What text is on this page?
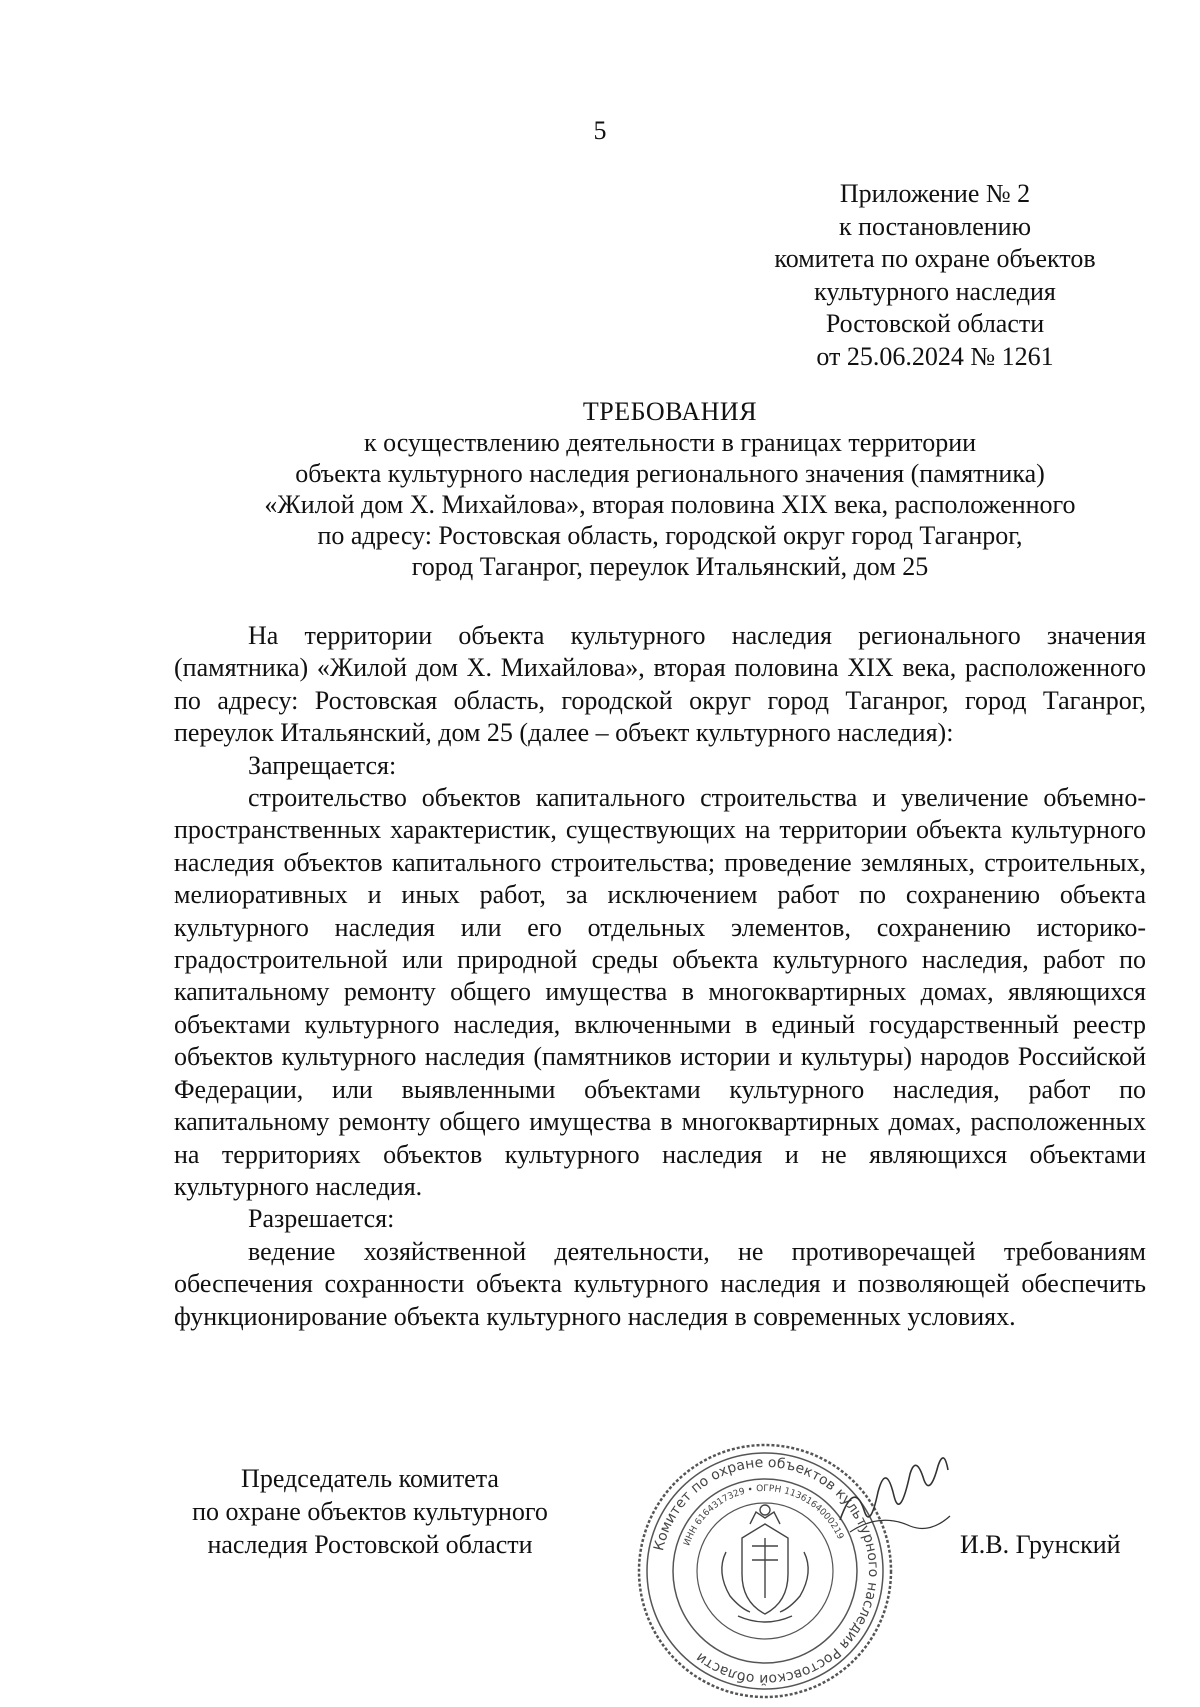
5
Приложение № 2
к постановлению
комитета по охране объектов
культурного наследия
Ростовской области
от 25.06.2024 № 1261
ТРЕБОВАНИЯ
к осуществлению деятельности в границах территории
объекта культурного наследия регионального значения (памятника)
«Жилой дом Х. Михайлова», вторая половина XIX века, расположенного
по адресу: Ростовская область, городской округ город Таганрог,
город Таганрог, переулок Итальянский, дом 25

На территории объекта культурного наследия регионального значения (памятника) «Жилой дом Х. Михайлова», вторая половина XIX века, расположенного по адресу: Ростовская область, городской округ город Таганрог, город Таганрог, переулок Итальянский, дом 25 (далее – объект культурного наследия):

Запрещается:

строительство объектов капитального строительства и увеличение объемно-пространственных характеристик, существующих на территории объекта культурного наследия объектов капитального строительства; проведение земляных, строительных, мелиоративных и иных работ, за исключением работ по сохранению объекта культурного наследия или его отдельных элементов, сохранению историко-градостроительной или природной среды объекта культурного наследия, работ по капитальному ремонту общего имущества в многоквартирных домах, являющихся объектами культурного наследия, включенными в единый государственный реестр объектов культурного наследия (памятников истории и культуры) народов Российской Федерации, или выявленными объектами культурного наследия, работ по капитальному ремонту общего имущества в многоквартирных домах, расположенных на территориях объектов культурного наследия и не являющихся объектами культурного наследия.

Разрешается:

ведение хозяйственной деятельности, не противоречащей требованиям обеспечения сохранности объекта культурного наследия и позволяющей обеспечить функционирование объекта культурного наследия в современных условиях.

Председатель комитета
по охране объектов культурного
наследия Ростовской области	Комитет по охране объектов культурного наследия Ростовской области
ИНН 6164317329 • ОГРН 1136164000219	И.В. Грунский
